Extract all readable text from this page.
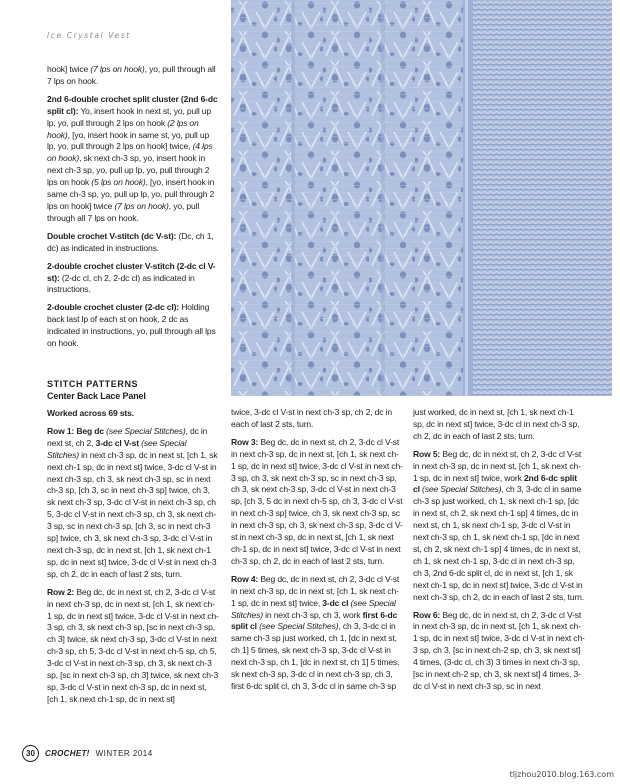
Ice Crystal Vest

hook] twice (7 lps on hook), yo, pull through all 7 lps on hook.

2nd 6-double crochet split cluster (2nd 6-dc split cl): Yo, insert hook in next st, yo, pull up lp, yo, pull through 2 lps on hook (2 lps on hook), [yo, insert hook in same st, yo, pull up lp, yo, pull through 2 lps on hook] twice, (4 lps on hook), sk next ch-3 sp, yo, insert hook in next ch-3 sp, yo, pull up lp, yo, pull through 2 lps on hook (5 lps on hook), [yo, insert hook in same ch-3 sp, yo, pull up lp, yo, pull through 2 lps on hook] twice (7 lps on hook), yo, pull through all 7 lps on hook.

Double crochet V-stitch (dc V-st): (Dc, ch 1, dc) as indicated in instructions.

2-double crochet cluster V-stitch (2-dc cl V-st): (2-dc cl, ch 2, 2-dc cl) as indicated in instructions.

2-double crochet cluster (2-dc cl): Holding back last lp of each st on hook, 2 dc as indicated in instructions, yo, pull through all lps on hook.

STITCH PATTERNS
Center Back Lace Panel

Worked across 69 sts.

Row 1: Beg dc (see Special Stitches), dc in next st, ch 2, 3-dc cl V-st (see Special Stitches) in next ch-3 sp, dc in next st, [ch 1, sk next ch-1 sp, dc in next st] twice, 3-dc cl V-st in next ch-3 sp, ch 3, sk next ch-3 sp, sc in next ch-3 sp, [ch 3, sc in next ch-3 sp] twice, ch 3, sk next ch-3 sp, 3-dc cl V-st in next ch-3 sp, ch 5, 3-dc cl V-st in next ch-3 sp, ch 3, sk next ch-3 sp, sc in next ch-3 sp, [ch 3, sc in next ch-3 sp] twice, ch 3, sk next ch-3 sp, 3-dc cl V-st in next ch-3 sp, dc in next st, [ch 1, sk next ch-1 sp, dc in next st] twice, 3-dc cl V-st in next ch-3 sp, ch 2, dc in each of last 2 sts, turn.

Row 2: Beg dc, dc in next st, ch 2, 3-dc cl V-st in next ch-3 sp, dc in next st, [ch 1, sk next ch-1 sp, dc in next st] twice, 3-dc cl V-st in next ch-3 sp, ch 3, sk next ch-3 sp, [sc in next ch-3 sp, ch 3] twice, sk next ch-3 sp, 3-dc cl V-st in next ch-3 sp, ch 5, 3-dc cl V-st in next ch-5 sp, ch 5, 3-dc cl V-st in next ch-3 sp, ch 3, sk next ch-3 sp, [sc in next ch-3 sp, ch 3] twice, sk next ch-3 sp, 3-dc cl V-st in next ch-3 sp, dc in next st, [ch 1, sk next ch-1 sp, dc in next st]

twice, 3-dc cl V-st in next ch-3 sp, ch 2, dc in each of last 2 sts, turn.

Row 3: Beg dc, dc in next st, ch 2, 3-dc cl V-st in next ch-3 sp, dc in next st, [ch 1, sk next ch-1 sp, dc in next st] twice, 3-dc cl V-st in next ch-3 sp, ch 3, sk next ch-3 sp, sc in next ch-3 sp, ch 3, sk next ch-3 sp, 3-dc cl V-st in next ch-3 sp, [ch 3, 5 dc in next ch-5 sp, ch 3, 3-dc cl V-st in next ch-3 sp] twice, ch 3, sk next ch-3 sp, sc in next ch-3 sp, ch 3, sk next ch-3 sp, 3-dc cl V-st in next ch-3 sp, dc in next st, [ch 1, sk next ch-1 sp, dc in next st] twice, 3-dc cl V-st in next ch-3 sp, ch 2, dc in each of last 2 sts, turn.

Row 4: Beg dc, dc in next st, ch 2, 3-dc cl V-st in next ch-3 sp, dc in next st, [ch 1, sk next ch-1 sp, dc in next st] twice, 3-dc cl (see Special Stitches) in next ch-3 sp, ch 3, work first 6-dc split cl (see Special Stitches), ch 3, 3-dc cl in same ch-3 sp just worked, ch 1, [dc in next st, ch 1] 5 times, sk next ch-3 sp, 3-dc cl V-st in next ch-3 sp, ch 1, [dc in next st, ch 1] 5 times, sk next ch-3 sp, 3-dc cl in next ch-3 sp, ch 3, first 6-dc split cl, ch 3, 3-dc cl in same ch-3 sp

just worked, dc in next st, [ch 1, sk next ch-1 sp, dc in next st] twice, 3-dc cl in next ch-3 sp, ch 2, dc in each of last 2 sts, turn.

Row 5: Beg dc, dc in next st, ch 2, 3-dc cl V-st in next ch-3 sp, dc in next st, [ch 1, sk next ch-1 sp, dc in next st] twice, work 2nd 6-dc split cl (see Special Stitches), ch 3, 3-dc cl in same ch-3 sp just worked, ch 1, sk next ch-1 sp, [dc in next st, ch 2, sk next ch-1 sp] 4 times, dc in next st, ch 1, sk next ch-1 sp, 3-dc cl V-st in next ch-3 sp, ch 1, sk next ch-1 sp, [dc in next st, ch 2, sk next ch-1 sp] 4 times, dc in next st, ch 1, sk next ch-1 sp, 3-dc cl in next ch-3 sp, ch 3, 2nd 6-dc split cl, dc in next st, [ch 1, sk next ch-1 sp, dc in next st] twice, 3-dc cl V-st in next ch-3 sp, ch 2, dc in each of last 2 sts, turn.

Row 6: Beg dc, dc in next st, ch 2, 3-dc cl V-st in next ch-3 sp, dc in next st, [ch 1, sk next ch-1 sp, dc in next st] twice, 3-dc cl V-st in next ch-3 sp, ch 3, [sc in next ch-2 sp, ch 3, sk next st] 4 times, (3-dc cl, ch 3) 3 times in next ch-3 sp, [sc in next ch-2 sp, ch 3, sk next st] 4 times, 3-dc cl V-st in next ch-3 sp, sc in next

30	CROCHET! WINTER 2014
tljzhou2010.blog.163.com
